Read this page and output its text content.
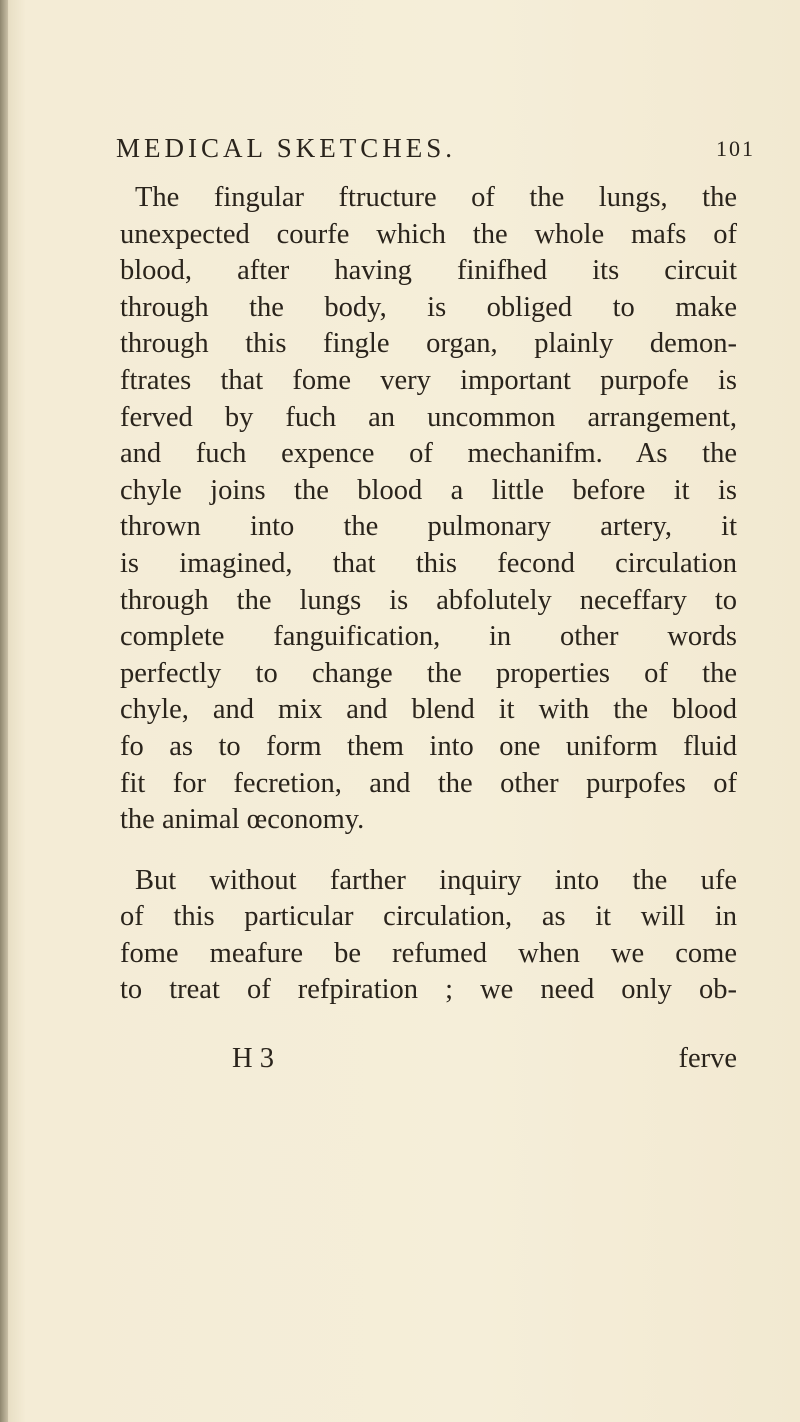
MEDICAL SKETCHES.	101
The fingular ftructure of the lungs, the
unexpected courfe which the whole mafs of
blood, after having finifhed its circuit
through the body, is obliged to make
through this fingle organ, plainly demon-
ftrates that fome very important purpofe is
ferved by fuch an uncommon arrangement,
and fuch expence of mechanifm. As the
chyle joins the blood a little before it is
thrown into the pulmonary artery, it
is imagined, that this fecond circulation
through the lungs is abfolutely neceffary to
complete fanguification, in other words
perfectly to change the properties of the
chyle, and mix and blend it with the blood
fo as to form them into one uniform fluid
fit for fecretion, and the other purpofes of
the animal œconomy.
But without farther inquiry into the ufe
of this particular circulation, as it will in
fome meafure be refumed when we come
to treat of refpiration ; we need only ob-
H 3	ferve
